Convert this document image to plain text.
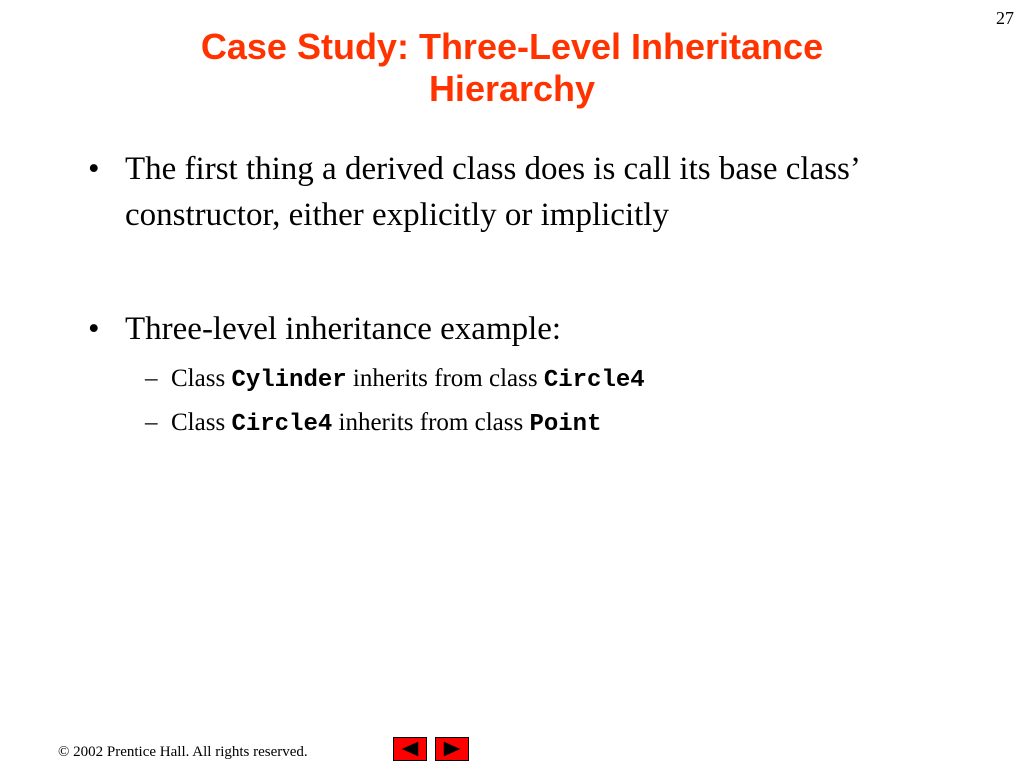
27
Case Study: Three-Level Inheritance
Hierarchy
• The first thing a derived class does is call its base class’ constructor, either explicitly or implicitly
• Three-level inheritance example:
– Class Cylinder inherits from class Circle4
– Class Circle4 inherits from class Point
© 2002 Prentice Hall. All rights reserved.
